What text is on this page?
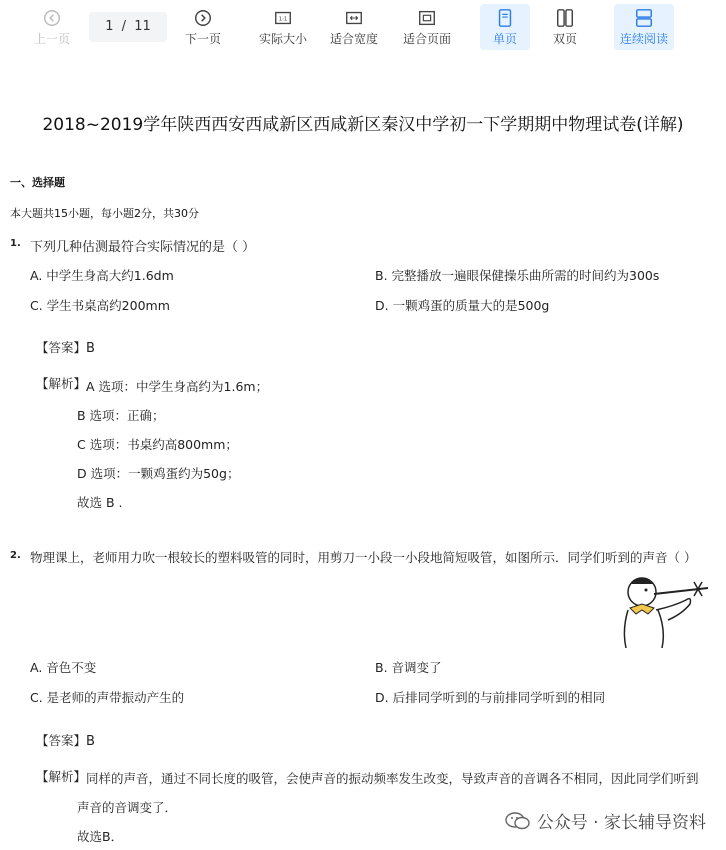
上一页
1 / 11
下一页
1:1
实际大小	适合宽度	适合页面	单页	双页	连续阅读
2018~2019学年陕西西安西咸新区西咸新区秦汉中学初一下学期期中物理试卷(详解)
一、选择题
本大题共15小题，每小题2分，共30分
1. 下列几种估测最符合实际情况的是（ ）
A. 中学生身高大约1.6dm	B. 完整播放一遍眼保健操乐曲所需的时间约为300s
C. 学生书桌高约200mm	D. 一颗鸡蛋的质量大的是500g
【答案】 B
【解析】 A 选项：中学生身高约为1.6m；
B 选项：正确；
C 选项：书桌约高800mm；
D 选项：一颗鸡蛋约为50g；
故选 B .
2. 物理课上，老师用力吹一根较长的塑料吸管的同时，用剪刀一小段一小段地简短吸管，如图所示．同学们听到的声音（ ）
A. 音色不变	B. 音调变了
C. 是老师的声带振动产生的	D. 后排同学听到的与前排同学听到的相同
【答案】 B
【解析】 同样的声音，通过不同长度的吸管，会使声音的振动频率发生改变，导致声音的音调各不相同，因此同学们听到
声音的音调变了．
故选B．
公众号 · 家长辅导资料
